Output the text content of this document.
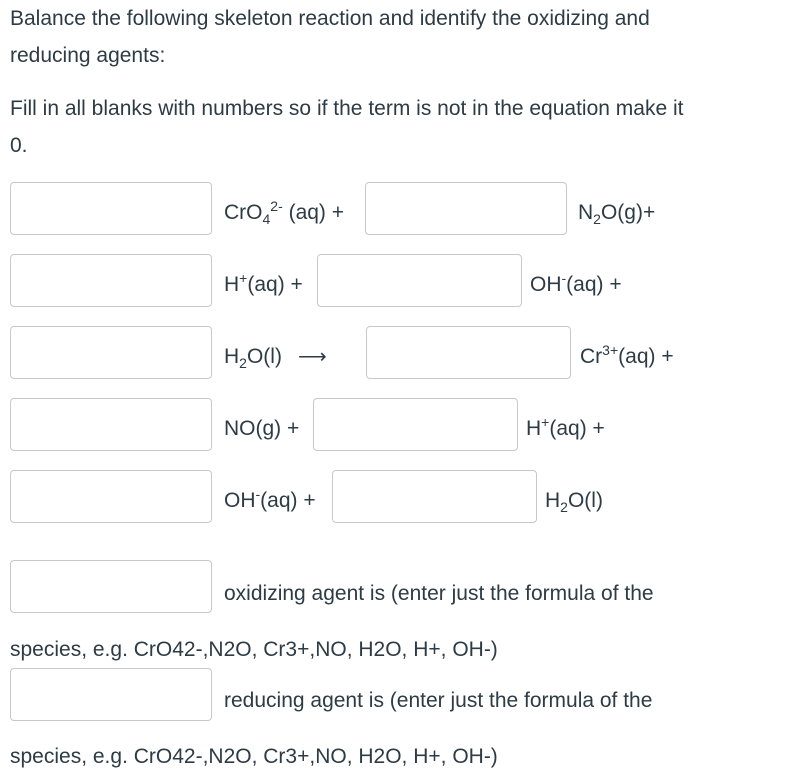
Balance the following skeleton reaction and identify the oxidizing and

reducing agents:

Fill in all blanks with numbers so if the term is not in the equation make it

0.

CrO$_4^{2-}$ (aq) +	$N_2O(g)+$
H+(aq) +	OH-(aq) +
$H_2O(l)$ ⟶	$Cr^{3+}(aq)$ +
NO(g) +	H+(aq) +
OH-(aq) +	$H_2O(l)$
oxidizing agent is (enter just the formula of the
species, e.g. CrO42-,N2O, Cr3+,NO, H2O, H+, OH-)
reducing agent is (enter just the formula of the
species, e.g. CrO42-,N2O, Cr3+,NO, H2O, H+, OH-)
